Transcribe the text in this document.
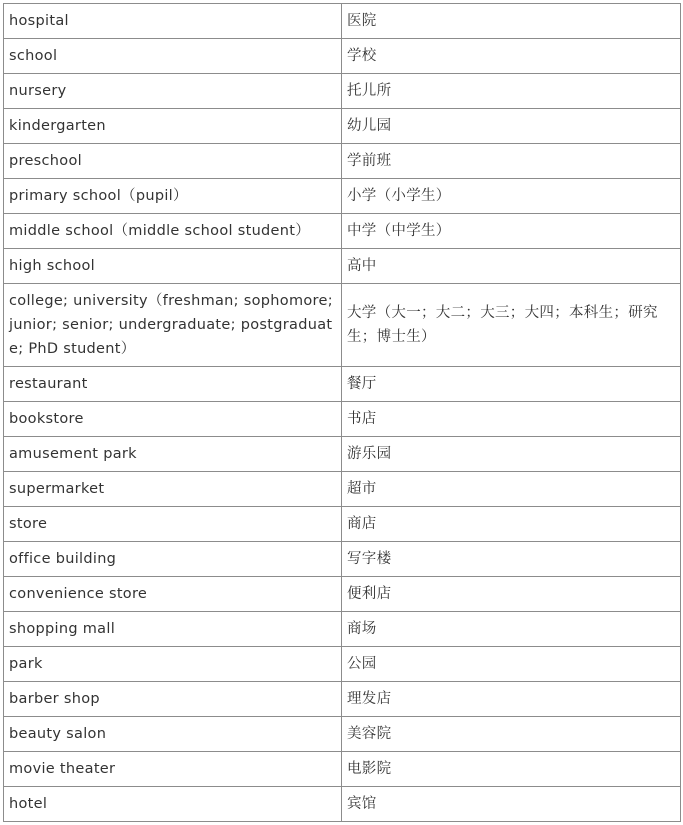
hospital	医院
school	学校
nursery	托儿所
kindergarten	幼儿园
preschool	学前班
primary school（pupil）	小学（小学生）
middle school（middle school student）	中学（中学生）
high school	高中
college; university（freshman; sophomore; junior; senior; undergraduate; postgraduate; PhD student）	大学（大一；大二；大三；大四；本科生；研究生；博士生）
restaurant	餐厅
bookstore	书店
amusement park	游乐园
supermarket	超市
store	商店
office building	写字楼
convenience store	便利店
shopping mall	商场
park	公园
barber shop	理发店
beauty salon	美容院
movie theater	电影院
hotel	宾馆
